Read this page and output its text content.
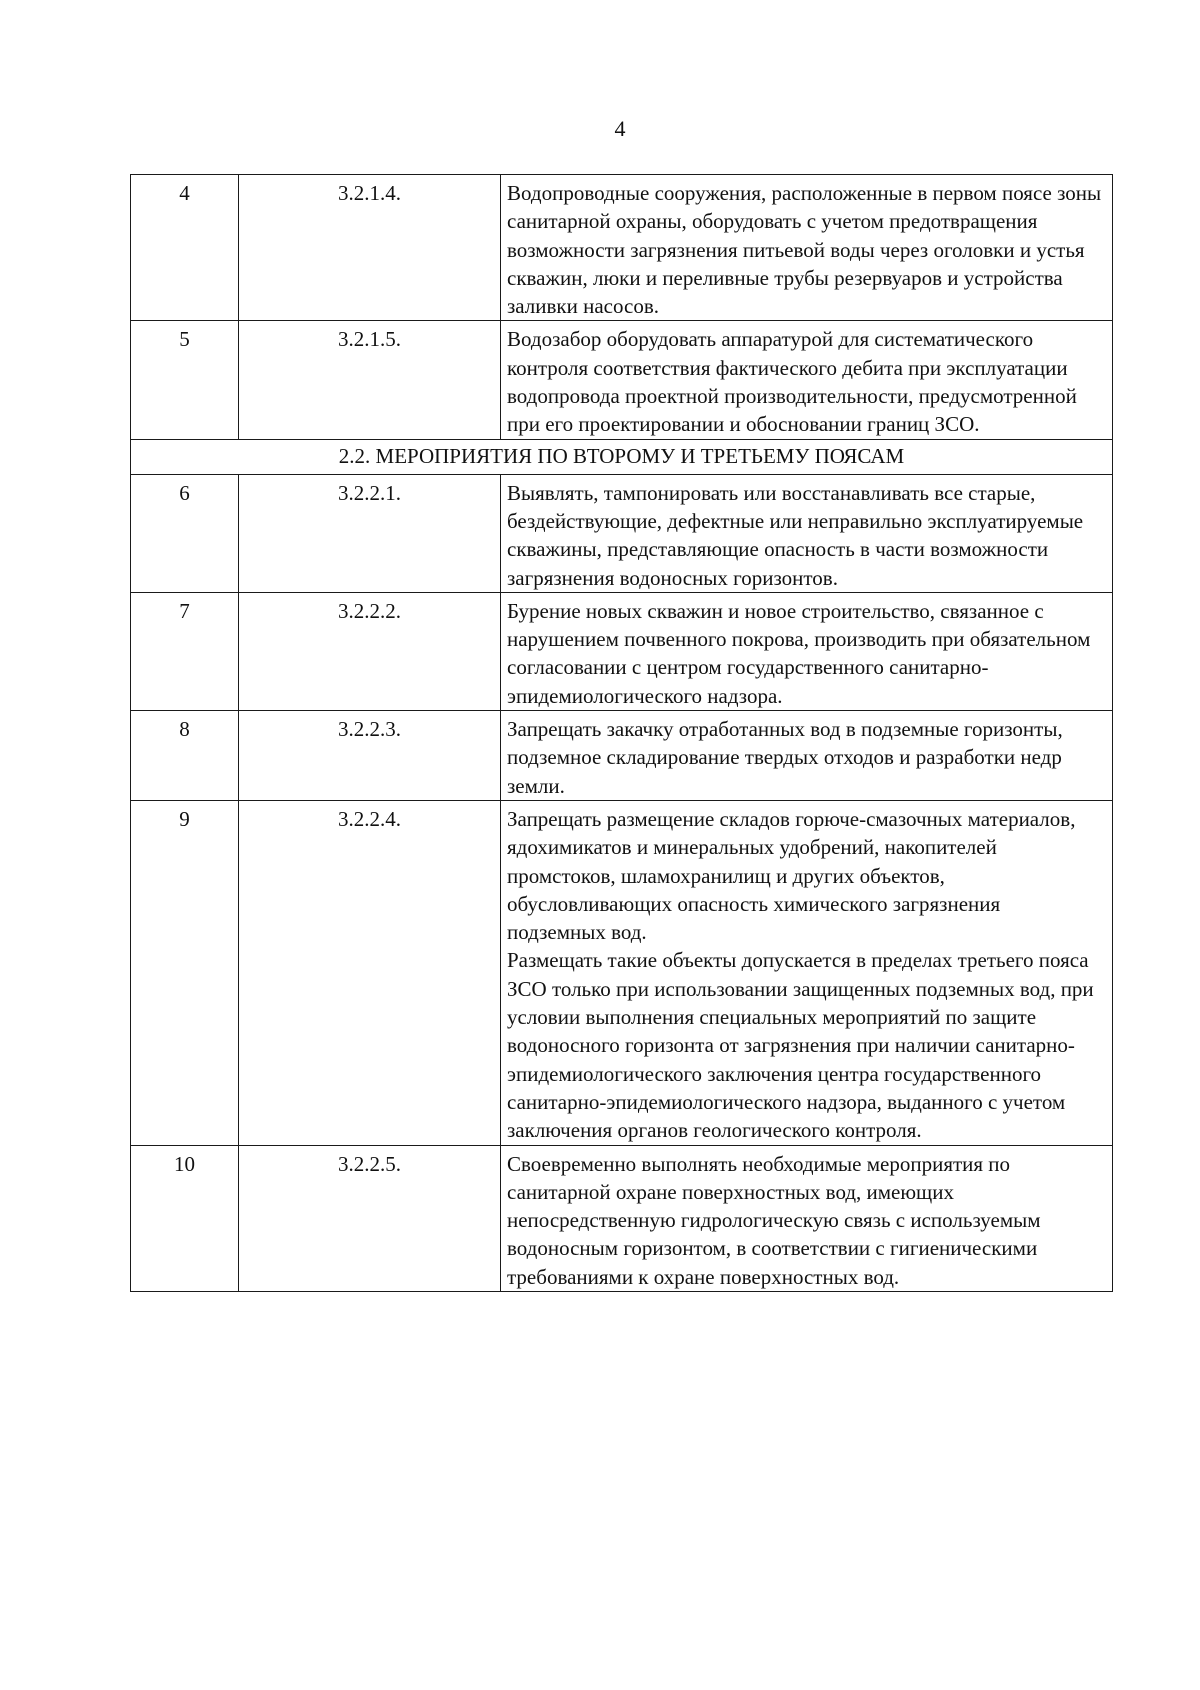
4
4	3.2.1.4.	Водопроводные сооружения, расположенные в первом поясе зоны санитарной охраны, оборудовать с учетом предотвращения возможности загрязнения питьевой воды через оголовки и устья скважин, люки и переливные трубы резервуаров и устройства заливки насосов.
5	3.2.1.5.	Водозабор оборудовать аппаратурой для систематического контроля соответствия фактического дебита при эксплуатации водопровода проектной производительности, предусмотренной при его проектировании и обосновании границ ЗСО.
2.2. МЕРОПРИЯТИЯ ПО ВТОРОМУ И ТРЕТЬЕМУ ПОЯСАМ		
6	3.2.2.1.	Выявлять, тампонировать или восстанавливать все старые, бездействующие, дефектные или неправильно эксплуатируемые скважины, представляющие опасность в части возможности загрязнения водоносных горизонтов.
7	3.2.2.2.	Бурение новых скважин и новое строительство, связанное с нарушением почвенного покрова, производить при обязательном согласовании с центром государственного санитарно-эпидемиологического надзора.
8	3.2.2.3.	Запрещать закачку отработанных вод в подземные горизонты, подземное складирование твердых отходов и разработки недр земли.
9	3.2.2.4.	Запрещать размещение складов горюче-смазочных материалов, ядохимикатов и минеральных удобрений, накопителей промстоков, шламохранилищ и других объектов, обусловливающих опасность химического загрязнения подземных вод.
Размещать такие объекты допускается в пределах третьего пояса ЗСО только при использовании защищенных подземных вод, при условии выполнения специальных мероприятий по защите водоносного горизонта от загрязнения при наличии санитарно-эпидемиологического заключения центра государственного санитарно-эпидемиологического надзора, выданного с учетом заключения органов геологического контроля.

10	3.2.2.5.	Своевременно выполнять необходимые мероприятия по санитарной охране поверхностных вод, имеющих непосредственную гидрологическую связь с используемым водоносным горизонтом, в соответствии с гигиеническими требованиями к охране поверхностных вод.
